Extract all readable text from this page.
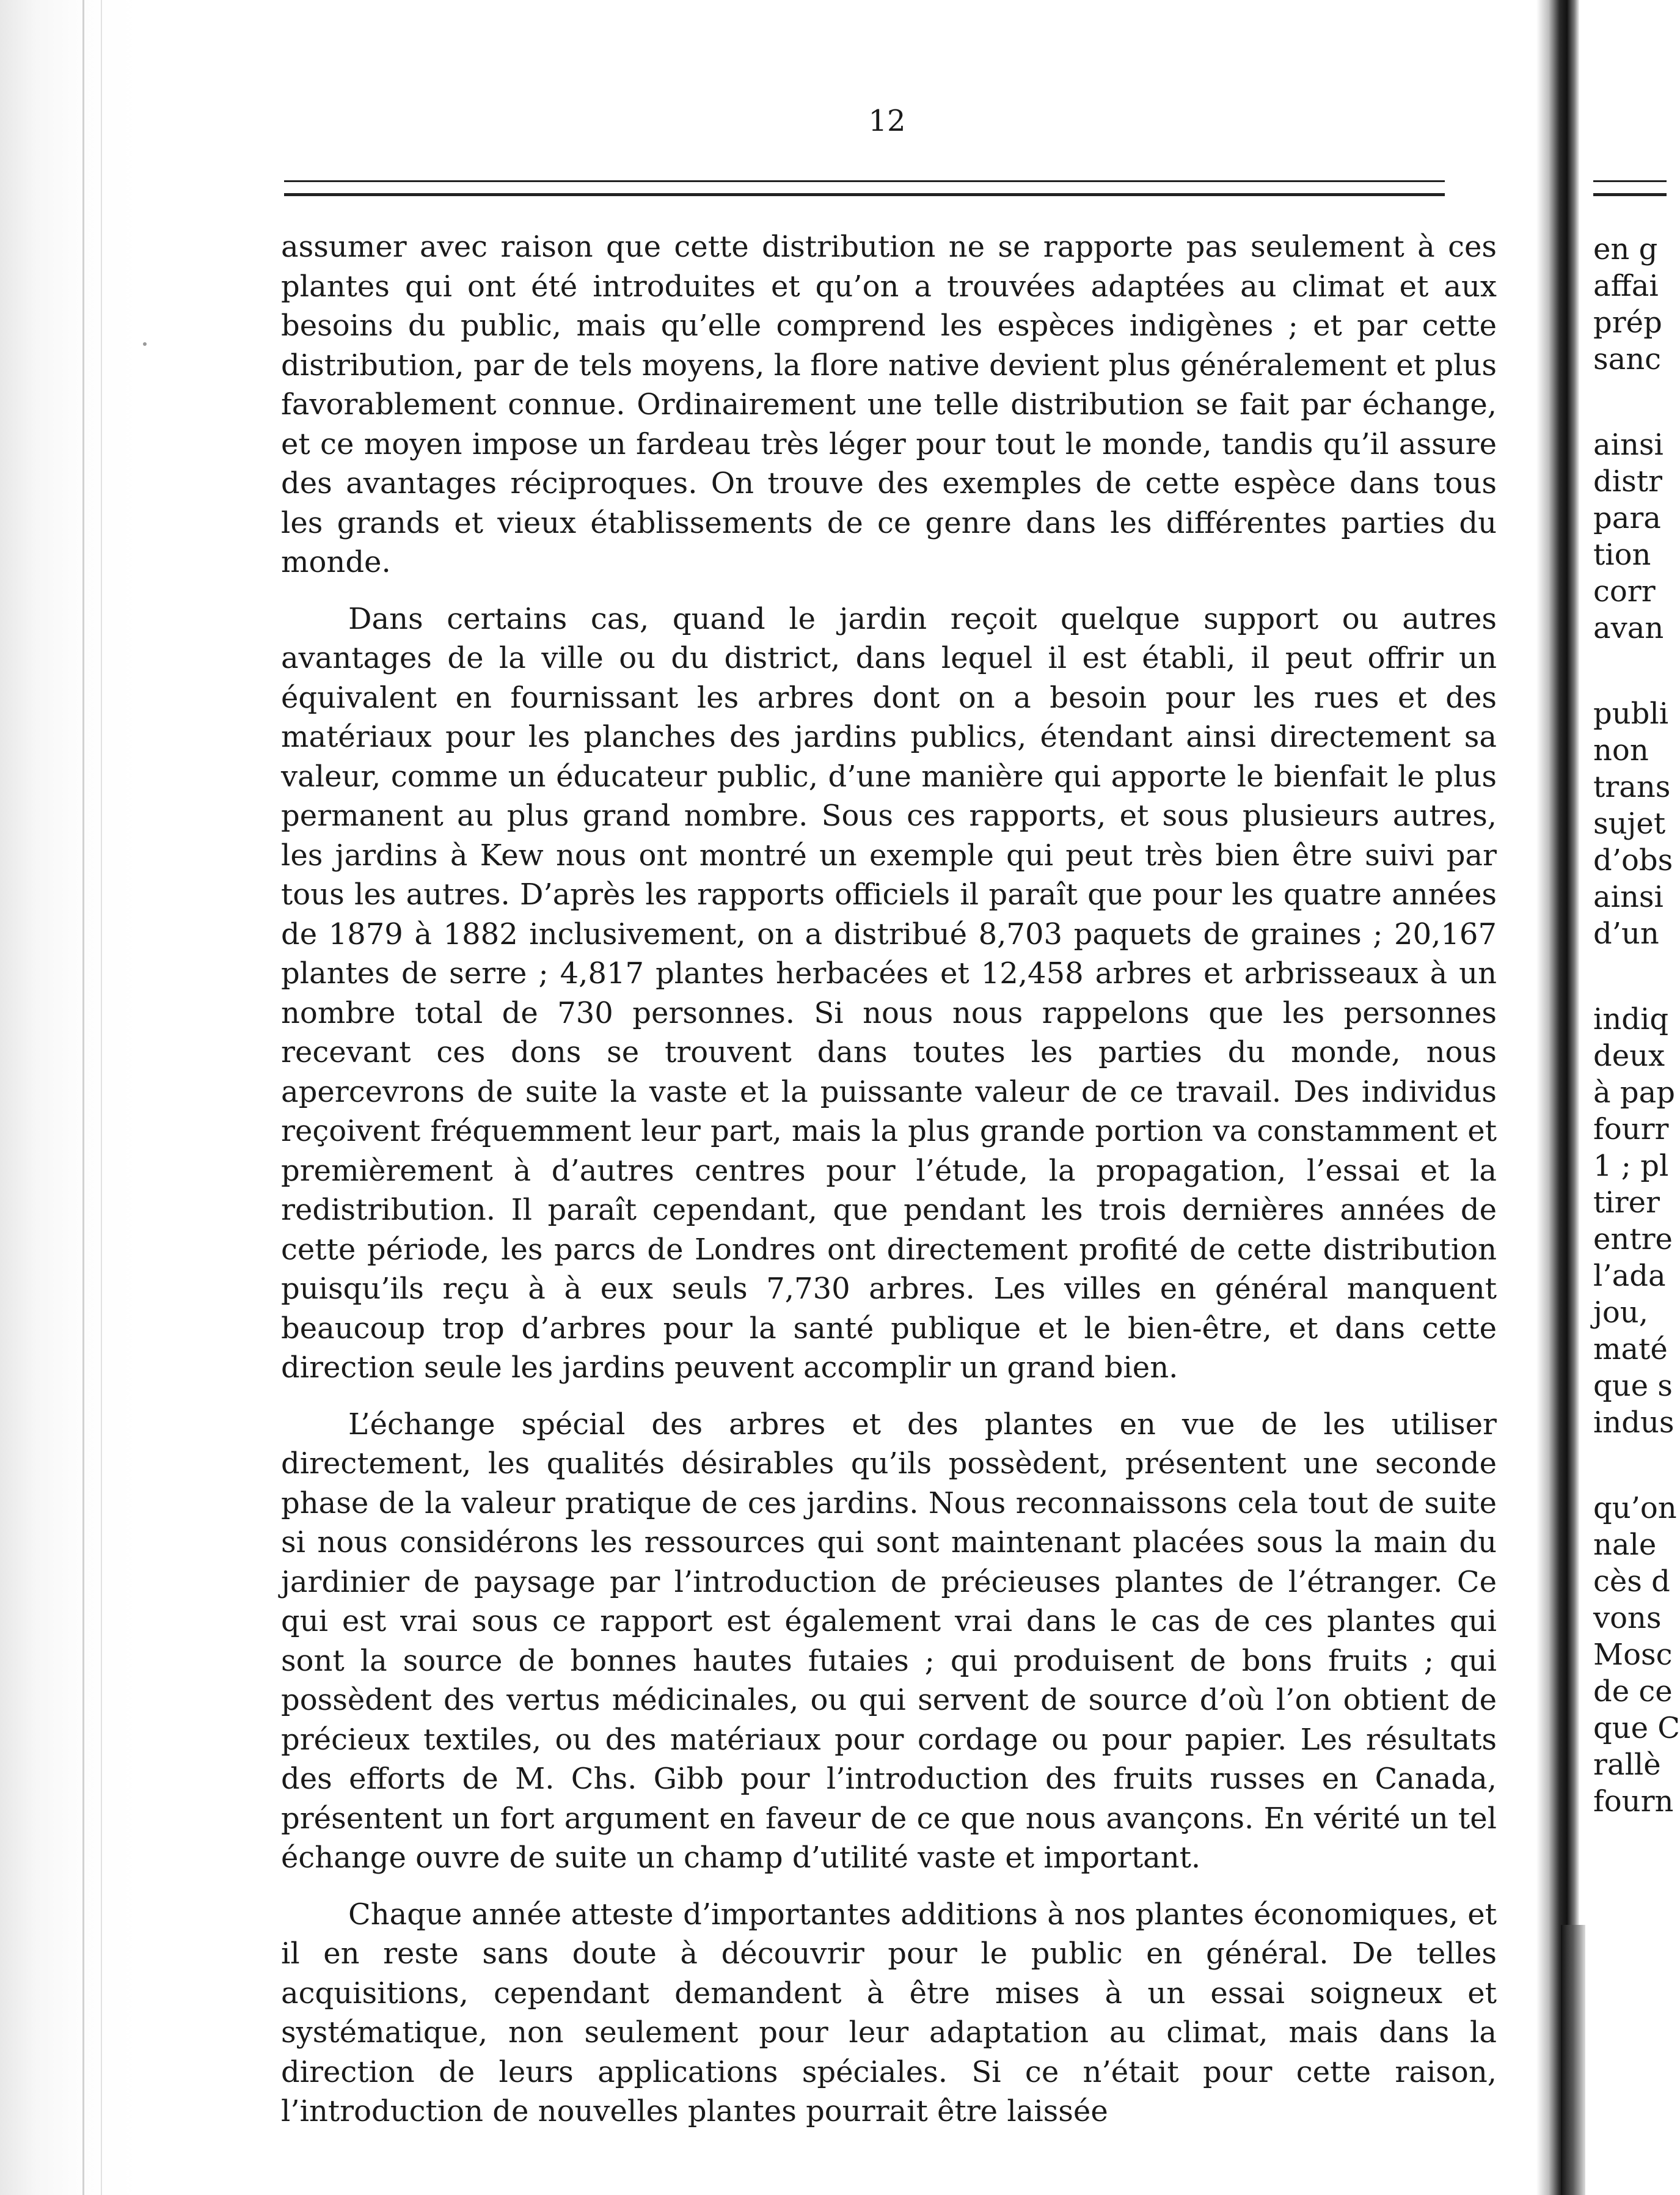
12

assumer avec raison que cette distribution ne se rapporte pas seulement à ces plantes qui ont été introduites et qu’on a trouvées adaptées au climat et aux besoins du public, mais qu’elle comprend les espèces indigènes ; et par cette distribution, par de tels moyens, la flore native devient plus généralement et plus favorablement connue. Ordinairement une telle distribution se fait par échange, et ce moyen impose un fardeau très léger pour tout le monde, tandis qu’il assure des avantages réciproques. On trouve des exemples de cette espèce dans tous les grands et vieux établissements de ce genre dans les différentes parties du monde.

Dans certains cas, quand le jardin reçoit quelque support ou autres avantages de la ville ou du district, dans lequel il est établi, il peut offrir un équivalent en fournissant les arbres dont on a besoin pour les rues et des matériaux pour les planches des jardins publics, étendant ainsi directement sa valeur, comme un éducateur public, d’une manière qui apporte le bienfait le plus permanent au plus grand nombre. Sous ces rapports, et sous plusieurs autres, les jardins à Kew nous ont montré un exemple qui peut très bien être suivi par tous les autres. D’après les rapports officiels il paraît que pour les quatre années de 1879 à 1882 inclusivement, on a distribué 8,703 paquets de graines ; 20,167 plantes de serre ; 4,817 plantes herbacées et 12,458 arbres et arbrisseaux à un nombre total de 730 personnes. Si nous nous rappelons que les personnes recevant ces dons se trouvent dans toutes les parties du monde, nous apercevrons de suite la vaste et la puissante valeur de ce travail. Des individus reçoivent fréquemment leur part, mais la plus grande portion va constamment et premièrement à d’autres centres pour l’étude, la propagation, l’essai et la redistribution. Il paraît cependant, que pendant les trois dernières années de cette période, les parcs de Londres ont directement profité de cette distribution puisqu’ils reçu à à eux seuls 7,730 arbres. Les villes en général manquent beaucoup trop d’arbres pour la santé publique et le bien-être, et dans cette direction seule les jardins peuvent accomplir un grand bien.

L’échange spécial des arbres et des plantes en vue de les utiliser directement, les qualités désirables qu’ils possèdent, présentent une seconde phase de la valeur pratique de ces jardins. Nous reconnaissons cela tout de suite si nous considérons les ressources qui sont maintenant placées sous la main du jardinier de paysage par l’introduction de précieuses plantes de l’étranger. Ce qui est vrai sous ce rapport est également vrai dans le cas de ces plantes qui sont la source de bonnes hautes futaies ; qui produisent de bons fruits ; qui possèdent des vertus médicinales, ou qui servent de source d’où l’on obtient de précieux textiles, ou des matériaux pour cordage ou pour papier. Les résultats des efforts de M. Chs. Gibb pour l’introduction des fruits russes en Canada, présentent un fort argument en faveur de ce que nous avançons. En vérité un tel échange ouvre de suite un champ d’utilité vaste et important.

Chaque année atteste d’importantes additions à nos plantes économiques, et il en reste sans doute à découvrir pour le public en général. De telles acquisitions, cependant demandent à être mises à un essai soigneux et systématique, non seulement pour leur adaptation au climat, mais dans la direction de leurs applications spéciales. Si ce n’était pour cette raison, l’introduction de nouvelles plantes pourrait être laissée

en g
affai
prép
sanc
ainsi
distr
para
tion
corr
avan
publi
non
trans
sujet
d’obs
ainsi
d’un
indiq
deux
à pap
fourr
1 ; pl
tirer
entre
l’ada
jou,
maté
que s
indus
qu’on
nale
cès d
vons
Mosc
de ce
que C
rallè
fourn
